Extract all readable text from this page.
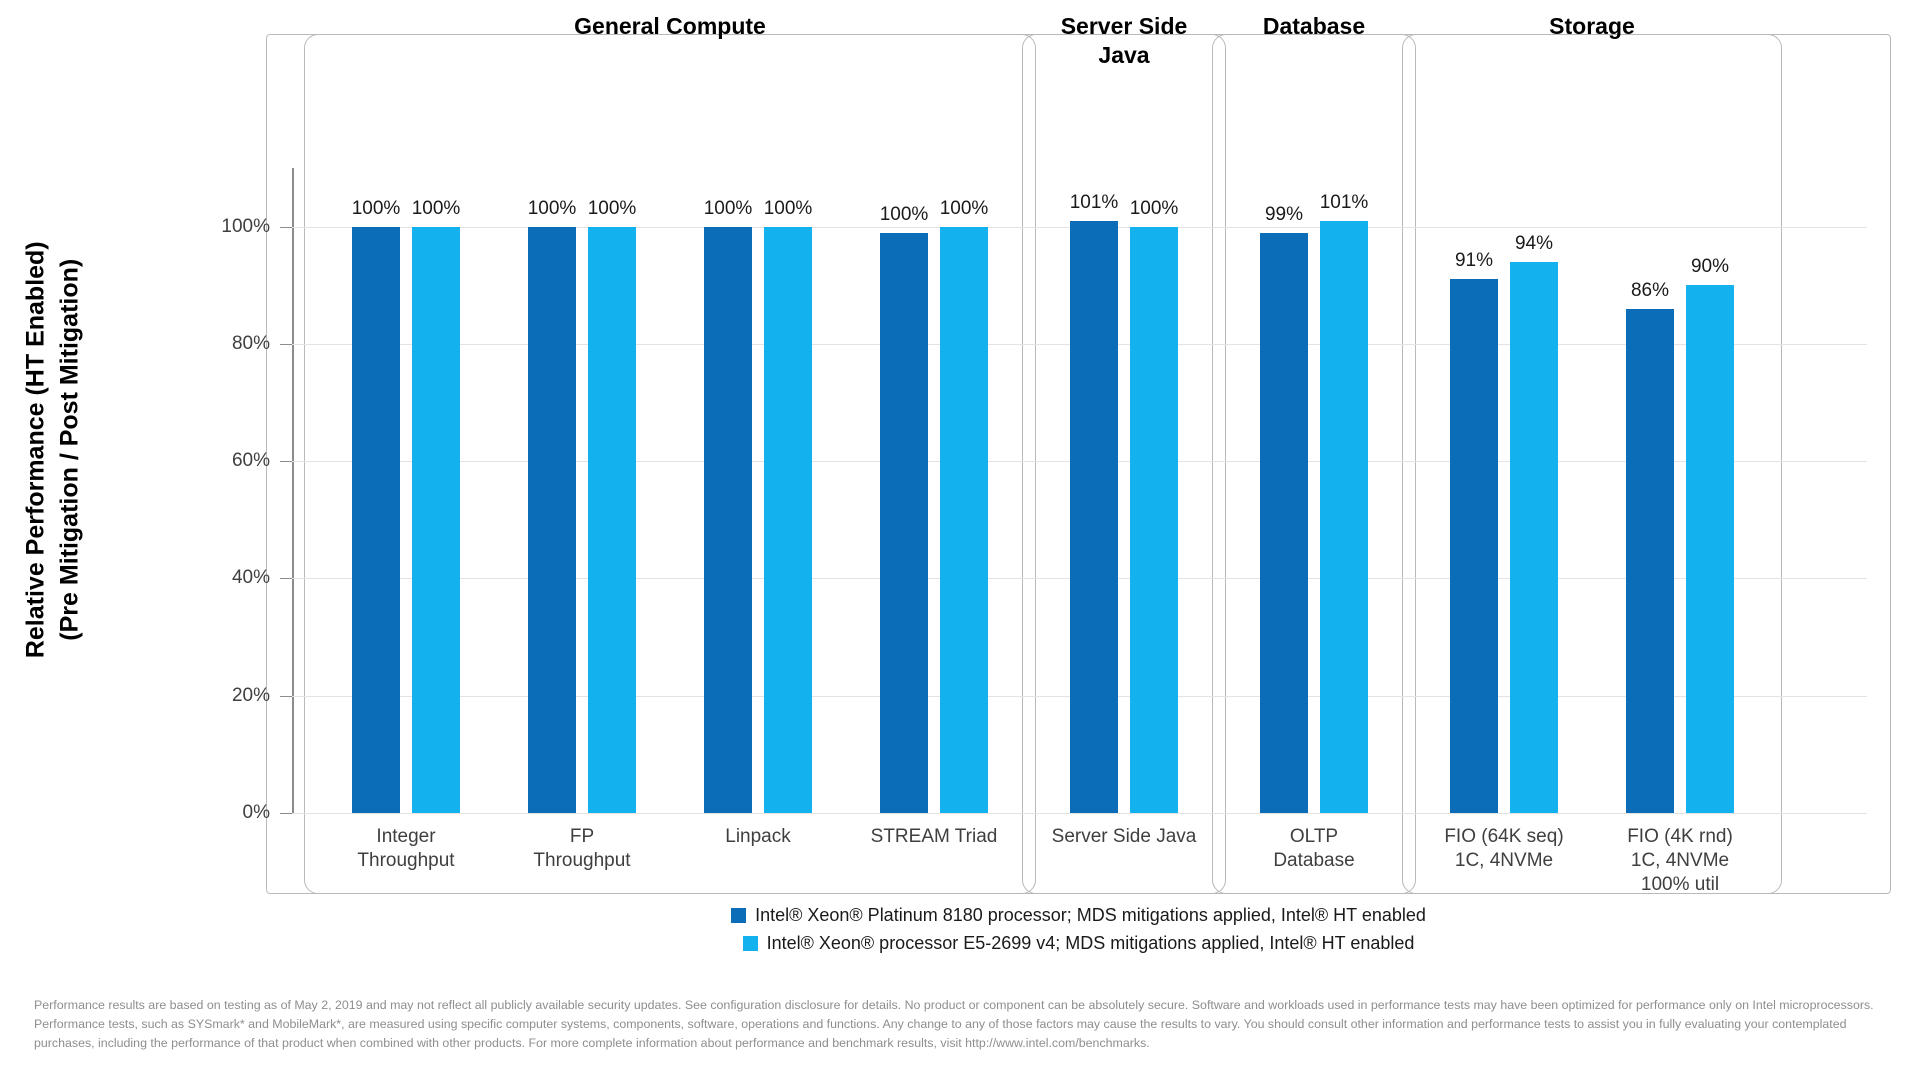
Relative Performance (HT Enabled) (Pre Mitigation / Post Mitigation)
General Compute	Server Side
Java
Database	Storage
0%
20%
40%
60%
80%
100%
100% 100%	100% 100%	100% 100%	100% 100%	101% 100%	99%
101%
91%
94%
86%
90%
Integer
Throughput
FP
Throughput
Linpack	STREAM Triad	Server Side Java	OLTP
Database
FIO (64K seq)
1C, 4NVMe
FIO (4K rnd)
1C, 4NVMe
100% util
Intel® Xeon® Platinum 8180 processor; MDS mitigations applied, Intel® HT enabled
Intel® Xeon® processor E5-2699 v4; MDS mitigations applied, Intel® HT enabled
Performance results are based on testing as of May 2, 2019 and may not reflect all publicly available security updates. See configuration disclosure for details. No product or component can be absolutely secure. Software and workloads used in performance tests may have been optimized for performance only on Intel microprocessors. Performance tests, such as SYSmark* and MobileMark*, are measured using specific computer systems, components, software, operations and functions. Any change to any of those factors may cause the results to vary. You should consult other information and performance tests to assist you in fully evaluating your contemplated purchases, including the performance of that product when combined with other products. For more complete information about performance and benchmark results, visit http://www.intel.com/benchmarks.
